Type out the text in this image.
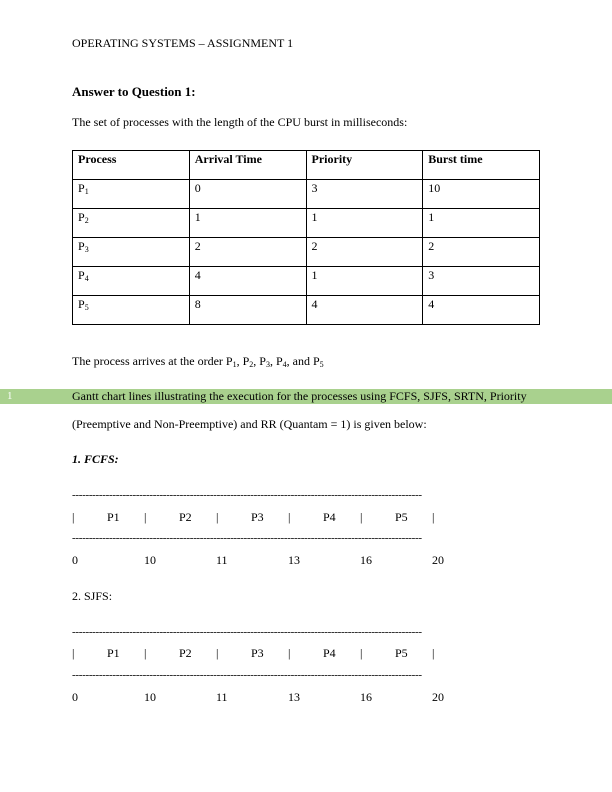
OPERATING SYSTEMS – ASSIGNMENT 1
Answer to Question 1:
The set of processes with the length of the CPU burst in milliseconds:
Process	Arrival Time	Priority	Burst time
$P_1$	0	3	10
$P_2$	1	1	1
$P_3$	2	2	2
$P_4$	4	1	3
$P_5$	8	4	4
The process arrives at the order $P_1$, $P_2$, $P_3$, $P_4$, and $P_5$
1	Gantt chart lines illustrating the execution for the processes using FCFS, SJFS, SRTN, Priority
(Preemptive and Non-Preemptive) and RR (Quantam = 1) is given below:
1. FCFS:
--------------------------------------------------------------------------------------------------------
|	P1 |	P2 |	P3 |	P4 |	P5 |
--------------------------------------------------------------------------------------------------------
0	10	11	13	16	20
2. SJFS:
--------------------------------------------------------------------------------------------------------
|	P1 |	P2 |	P3 |	P4 |	P5 |
--------------------------------------------------------------------------------------------------------
0	10	11	13	16	20
